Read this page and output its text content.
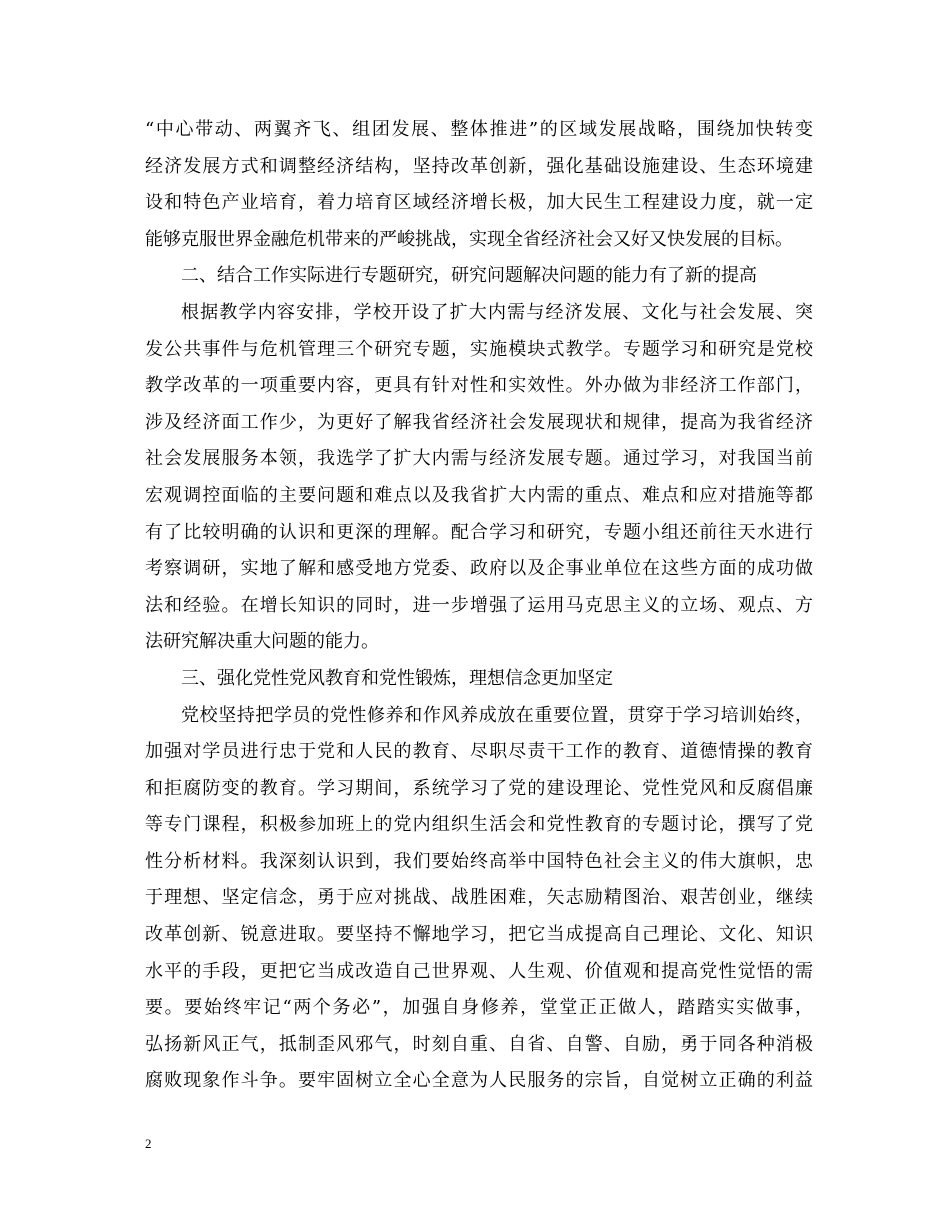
“中心带动、两翼齐飞、组团发展、整体推进”的区域发展战略，围绕加快转变
经济发展方式和调整经济结构，坚持改革创新，强化基础设施建设、生态环境建
设和特色产业培育，着力培育区域经济增长极，加大民生工程建设力度，就一定
能够克服世界金融危机带来的严峻挑战，实现全省经济社会又好又快发展的目标。
二、结合工作实际进行专题研究，研究问题解决问题的能力有了新的提高
根据教学内容安排，学校开设了扩大内需与经济发展、文化与社会发展、突
发公共事件与危机管理三个研究专题，实施模块式教学。专题学习和研究是党校
教学改革的一项重要内容，更具有针对性和实效性。外办做为非经济工作部门，
涉及经济面工作少，为更好了解我省经济社会发展现状和规律，提高为我省经济
社会发展服务本领，我选学了扩大内需与经济发展专题。通过学习，对我国当前
宏观调控面临的主要问题和难点以及我省扩大内需的重点、难点和应对措施等都
有了比较明确的认识和更深的理解。配合学习和研究，专题小组还前往天水进行
考察调研，实地了解和感受地方党委、政府以及企事业单位在这些方面的成功做
法和经验。在增长知识的同时，进一步增强了运用马克思主义的立场、观点、方
法研究解决重大问题的能力。
三、强化党性党风教育和党性锻炼，理想信念更加坚定
党校坚持把学员的党性修养和作风养成放在重要位置，贯穿于学习培训始终，
加强对学员进行忠于党和人民的教育、尽职尽责干工作的教育、道德情操的教育
和拒腐防变的教育。学习期间，系统学习了党的建设理论、党性党风和反腐倡廉
等专门课程，积极参加班上的党内组织生活会和党性教育的专题讨论，撰写了党
性分析材料。我深刻认识到，我们要始终高举中国特色社会主义的伟大旗帜，忠
于理想、坚定信念，勇于应对挑战、战胜困难，矢志励精图治、艰苦创业，继续
改革创新、锐意进取。要坚持不懈地学习，把它当成提高自己理论、文化、知识
水平的手段，更把它当成改造自己世界观、人生观、价值观和提高党性觉悟的需
要。要始终牢记“两个务必”，加强自身修养，堂堂正正做人，踏踏实实做事，
弘扬新风正气，抵制歪风邪气，时刻自重、自省、自警、自励，勇于同各种消极
腐败现象作斗争。要牢固树立全心全意为人民服务的宗旨，自觉树立正确的利益
2
